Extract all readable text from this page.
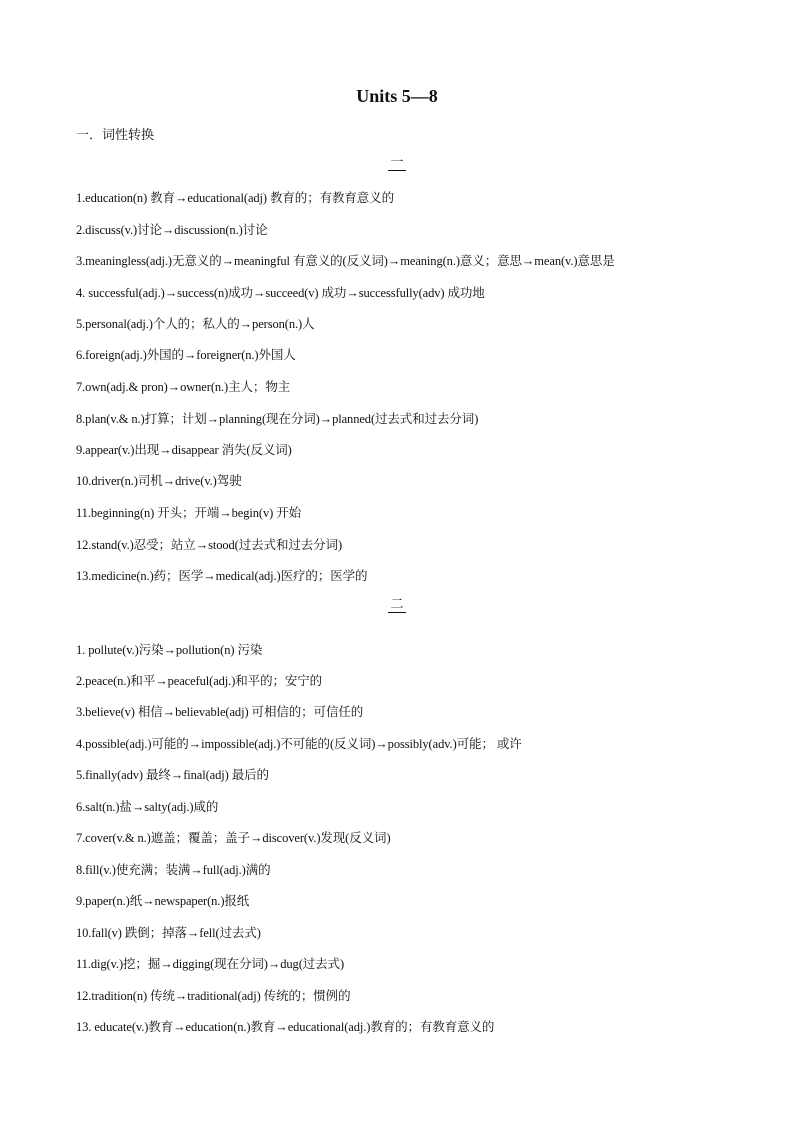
Units 5—8
一．词性转换
一
1.education(n) 教育→educational(adj) 教育的；有教育意义的
2.discuss(v.)讨论→discussion(n.)讨论
3.meaningless(adj.)无意义的→meaningful 有意义的(反义词)→meaning(n.)意义；意思→mean(v.)意思是
4. successful(adj.)→success(n)成功→succeed(v) 成功→successfully(adv) 成功地
5.personal(adj.)个人的；私人的→person(n.)人
6.foreign(adj.)外国的→foreigner(n.)外国人
7.own(adj.& pron)→owner(n.)主人；物主
8.plan(v.& n.)打算；计划→planning(现在分词)→planned(过去式和过去分词)
9.appear(v.)出现→disappear 消失(反义词)
10.driver(n.)司机→drive(v.)驾驶
11.beginning(n) 开头；开端→begin(v) 开始
12.stand(v.)忍受；站立→stood(过去式和过去分词)
13.medicine(n.)药；医学→medical(adj.)医疗的；医学的
二
1. pollute(v.)污染→pollution(n) 污染
2.peace(n.)和平→peaceful(adj.)和平的；安宁的
3.believe(v) 相信→believable(adj) 可相信的；可信任的
4.possible(adj.)可能的→impossible(adj.)不可能的(反义词)→possibly(adv.)可能； 或许
5.finally(adv) 最终→final(adj) 最后的
6.salt(n.)盐→salty(adj.)咸的
7.cover(v.& n.)遮盖；覆盖；盖子→discover(v.)发现(反义词)
8.fill(v.)使充满；装满→full(adj.)满的
9.paper(n.)纸→newspaper(n.)报纸
10.fall(v) 跌倒；掉落→fell(过去式)
11.dig(v.)挖；掘→digging(现在分词)→dug(过去式)
12.tradition(n) 传统→traditional(adj) 传统的；惯例的
13. educate(v.)教育→education(n.)教育→educational(adj.)教育的；有教育意义的
